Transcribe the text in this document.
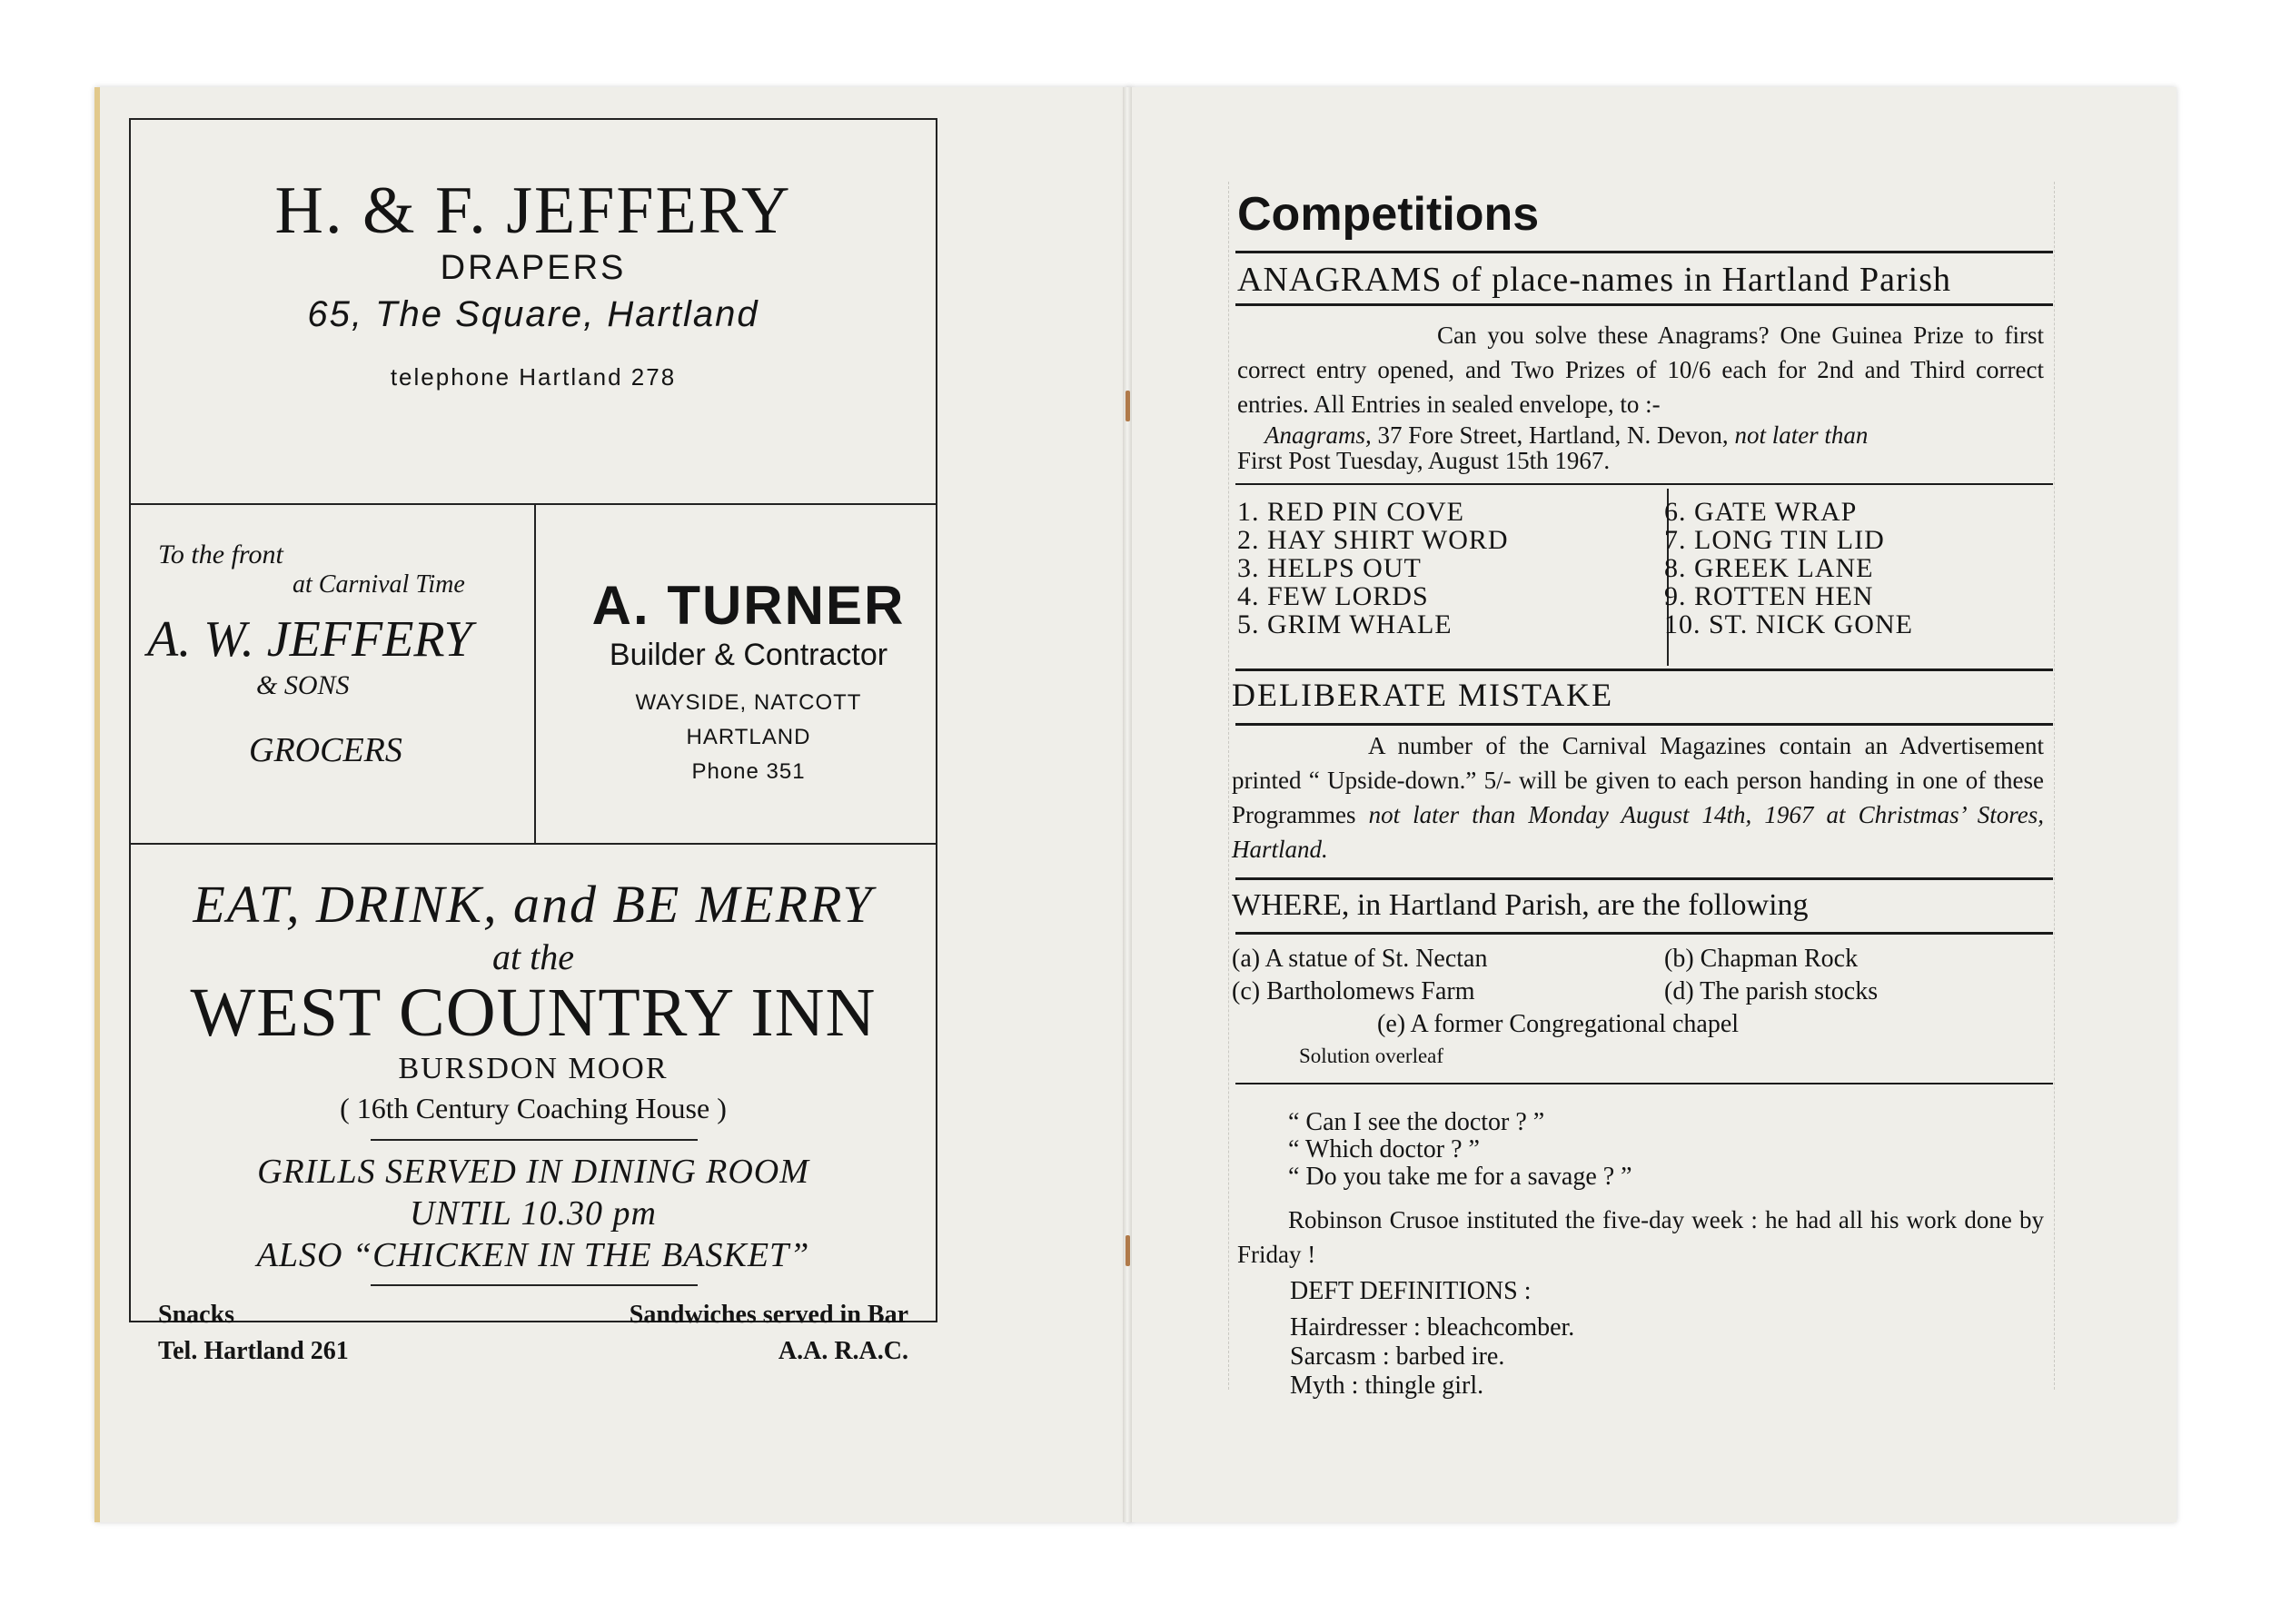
H. & F. JEFFERY
DRAPERS
65, The Square, Hartland
telephone Hartland 278
To the front
at Carnival Time
A. W. JEFFERY
& SONS
GROCERS
A. TURNER
Builder & Contractor
WAYSIDE, NATCOTT
HARTLAND
Phone 351
EAT, DRINK, and BE MERRY
at the
WEST COUNTRY INN
BURSDON MOOR
( 16th Century Coaching House )
GRILLS SERVED IN DINING ROOM
UNTIL 10.30 pm
ALSO “CHICKEN IN THE BASKET”
Snacks
Tel. Hartland 261
Sandwiches served in Bar
A.A. R.A.C.
Competitions
ANAGRAMS of place-names in Hartland Parish
Can you solve these Anagrams? One Guinea Prize to first correct entry opened, and Two Prizes of 10/6 each for 2nd and Third correct entries. All Entries in sealed envelope, to :-
Anagrams, 37 Fore Street, Hartland, N. Devon, not later than
First Post Tuesday, August 15th 1967.
1. RED PIN COVE
2. HAY SHIRT WORD
3. HELPS OUT
4. FEW LORDS
5. GRIM WHALE
6. GATE WRAP
7. LONG TIN LID
8. GREEK LANE
9. ROTTEN HEN
10. ST. NICK GONE
DELIBERATE MISTAKE
A number of the Carnival Magazines contain an Advertisement printed “ Upside-down.” 5/- will be given to each person handing in one of these Programmes not later than Monday August 14th, 1967 at Christmas’ Stores, Hartland.
WHERE, in Hartland Parish, are the following
(a) A statue of St. Nectan	(b) Chapman Rock
(c) Bartholomews Farm	(d) The parish stocks
(e) A former Congregational chapel
Solution overleaf
“ Can I see the doctor ? ”
“ Which doctor ? ”
“ Do you take me for a savage ? ”
Robinson Crusoe instituted the five-day week : he had all his work done by Friday !
DEFT DEFINITIONS :
Hairdresser : bleachcomber.
Sarcasm : barbed ire.
Myth : thingle girl.
